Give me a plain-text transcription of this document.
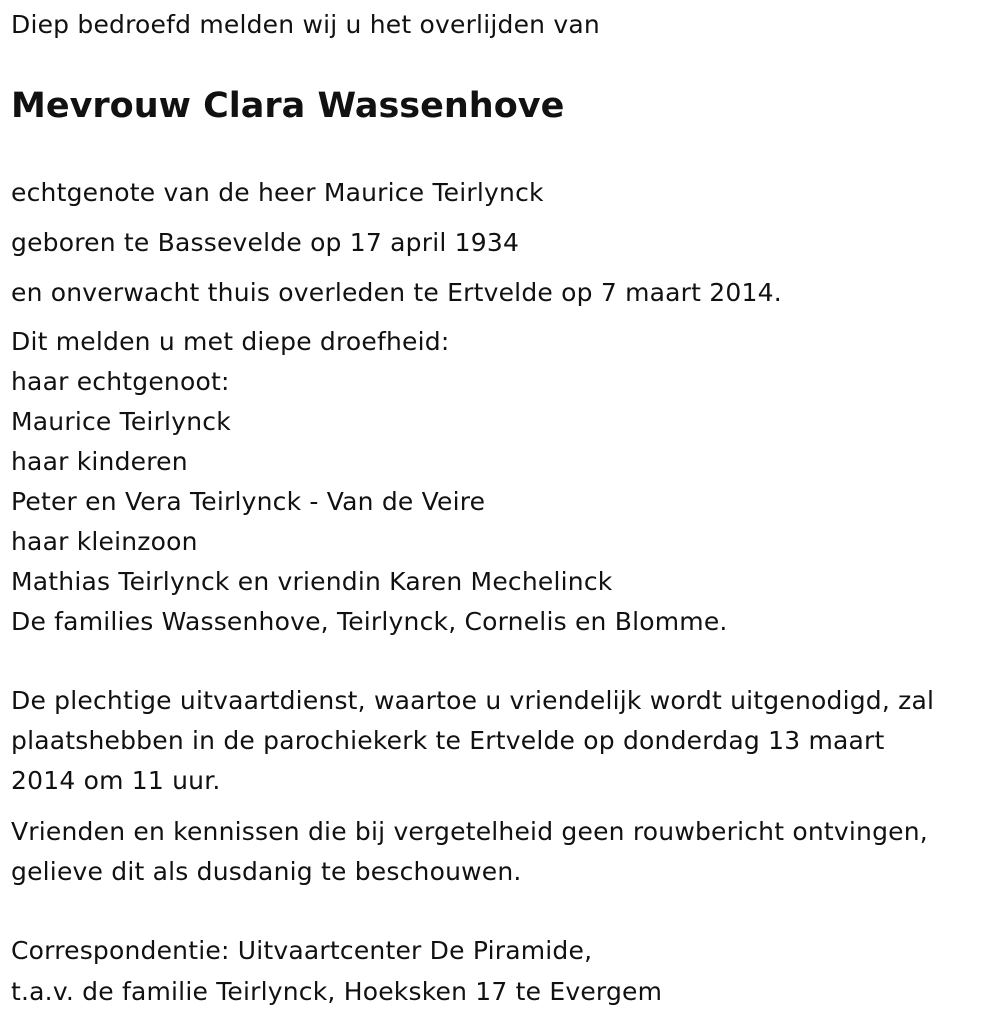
Diep bedroefd melden wij u het overlijden van
Mevrouw Clara Wassenhove
echtgenote van de heer Maurice Teirlynck
geboren te Bassevelde op 17 april 1934
en onverwacht thuis overleden te Ertvelde op 7 maart 2014.
Dit melden u met diepe droefheid:
haar echtgenoot:
Maurice Teirlynck
haar kinderen
Peter en Vera Teirlynck - Van de Veire
haar kleinzoon
Mathias Teirlynck en vriendin Karen Mechelinck
De families Wassenhove, Teirlynck, Cornelis en Blomme.
De plechtige uitvaartdienst, waartoe u vriendelijk wordt uitgenodigd, zal
plaatshebben in de parochiekerk te Ertvelde op donderdag 13 maart
2014 om 11 uur.
Vrienden en kennissen die bij vergetelheid geen rouwbericht ontvingen,
gelieve dit als dusdanig te beschouwen.
Correspondentie: Uitvaartcenter De Piramide,
t.a.v. de familie Teirlynck, Hoeksken 17 te Evergem
